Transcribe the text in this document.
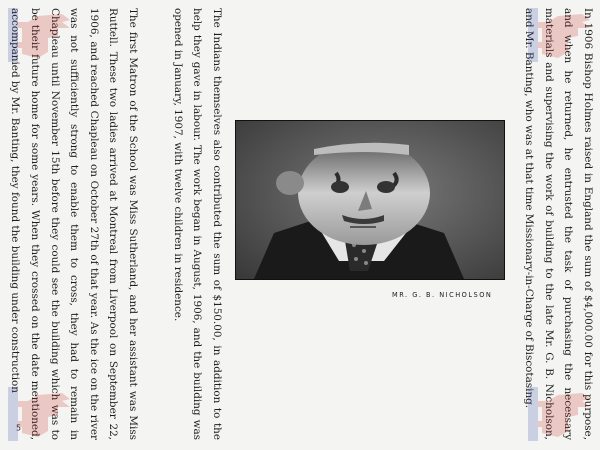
In 1906 Bishop Holmes raised in England the sum of $4,000.00 for this purpose, and when he returned, he entrusted the task of purchasing the necessary materials and supervising the work of building to the late Mr. G. B. Nicholson, and Mr. Banting, who was at that time Missionary-in-Charge of Biscotasing.

MR. G. B. NICHOLSON

The Indians themselves also contributed the sum of $150.00, in addition to the help they gave in labour. The work began in August, 1906, and the building was opened in January, 1907, with twelve children in residence.

The first Matron of the School was Miss Sutherland, and her assistant was Miss Ruttell. These two ladies arrived at Montreal from Liverpool on September 22, 1906, and reached Chapleau on October 27th of that year. As the ice on the river was not sufficiently strong to enable them to cross, they had to remain in Chapleau until November 15th before they could see the building which was to be their future home for some years. When they crossed on the date mentioned, accompanied by Mr. Banting, they found the building under construction

5
